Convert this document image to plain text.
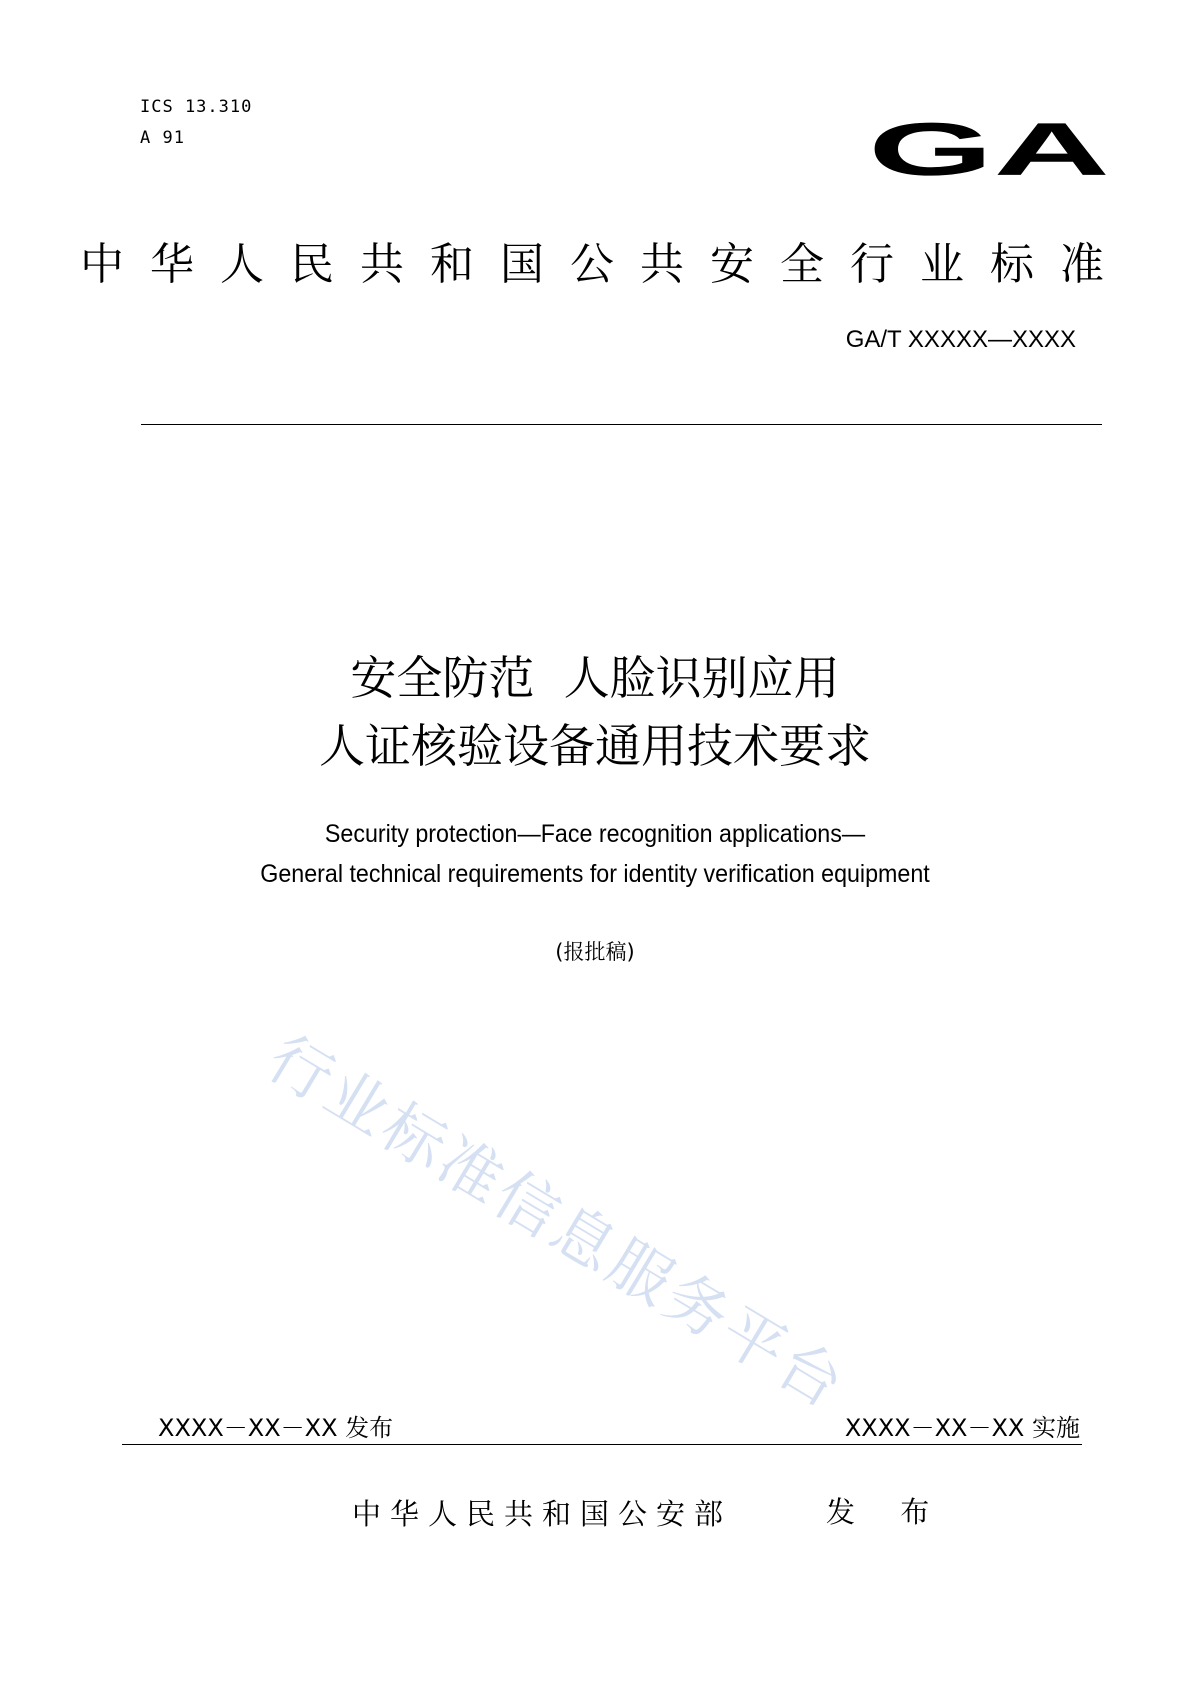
ICS 13.310
A 91	GA
中华人民共和国公共安全行业标准
GA/T XXXXX—XXXX
安全防范  人脸识别应用
人证核验设备通用技术要求
Security protection—Face recognition applications—
General technical requirements for identity verification equipment
(报批稿)
行业标准信息服务平台
XXXX－XX－XX 发布	XXXX－XX－XX 实施
中华人民共和国公安部	发 布
